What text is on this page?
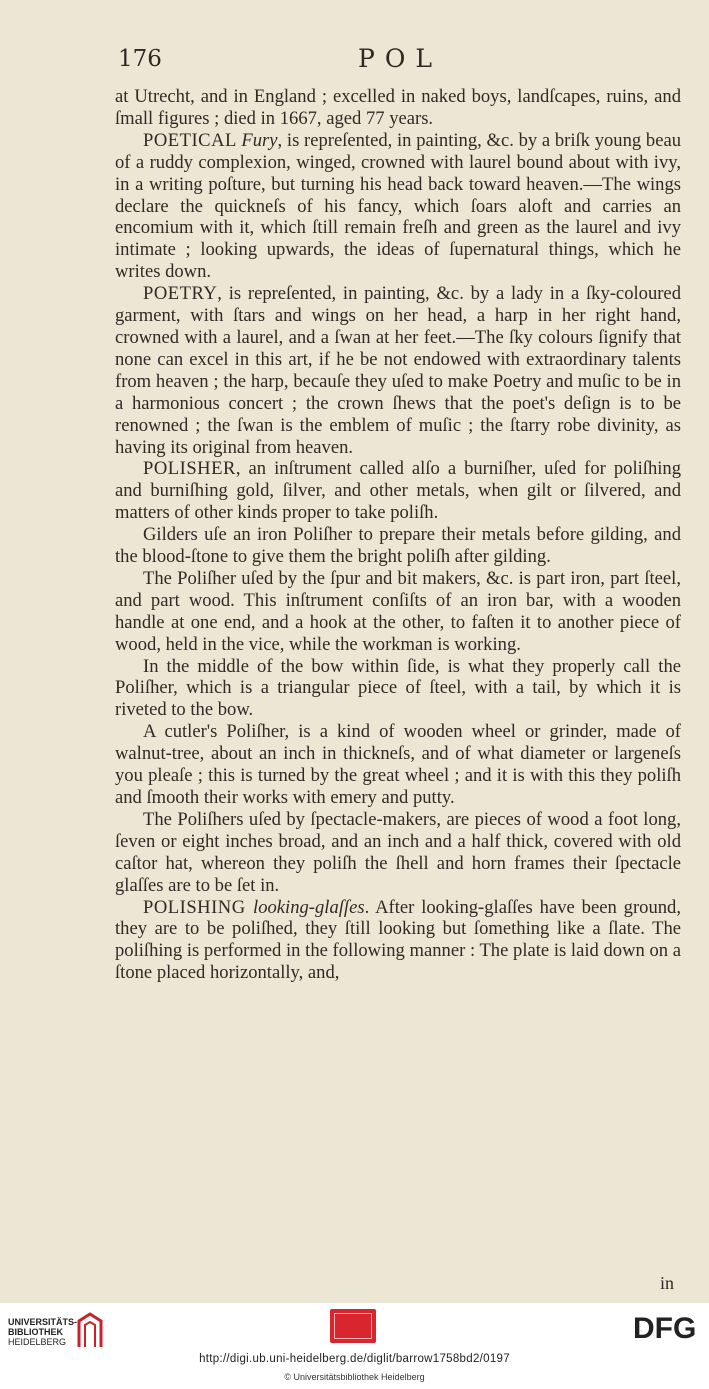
176	POL

at Utrecht, and in England ; excelled in naked boys, landſcapes, ruins, and ſmall figures ; died in 1667, aged 77 years.

POETICAL Fury, is repreſented, in painting, &c. by a briſk young beau of a ruddy complexion, winged, crowned with laurel bound about with ivy, in a writing poſture, but turning his head back toward heaven.—The wings declare the quickneſs of his fancy, which ſoars aloft and carries an encomium with it, which ſtill remain freſh and green as the laurel and ivy intimate ; looking upwards, the ideas of ſupernatural things, which he writes down.

POETRY, is repreſented, in painting, &c. by a lady in a ſky-coloured garment, with ſtars and wings on her head, a harp in her right hand, crowned with a laurel, and a ſwan at her feet.—The ſky colours ſignify that none can excel in this art, if he be not endowed with extraordinary talents from heaven ; the harp, becauſe they uſed to make Poetry and muſic to be in a harmonious concert ; the crown ſhews that the poet's deſign is to be renowned ; the ſwan is the emblem of muſic ; the ſtarry robe divinity, as having its original from heaven.

POLISHER, an inſtrument called alſo a burniſher, uſed for poliſhing and burniſhing gold, ſilver, and other metals, when gilt or ſilvered, and matters of other kinds proper to take poliſh.

Gilders uſe an iron Poliſher to prepare their metals before gilding, and the blood-ſtone to give them the bright poliſh after gilding.

The Poliſher uſed by the ſpur and bit makers, &c. is part iron, part ſteel, and part wood. This inſtrument conſiſts of an iron bar, with a wooden handle at one end, and a hook at the other, to faſten it to another piece of wood, held in the vice, while the workman is working.

In the middle of the bow within ſide, is what they properly call the Poliſher, which is a triangular piece of ſteel, with a tail, by which it is riveted to the bow.

A cutler's Poliſher, is a kind of wooden wheel or grinder, made of walnut-tree, about an inch in thickneſs, and of what diameter or largeneſs you pleaſe ; this is turned by the great wheel ; and it is with this they poliſh and ſmooth their works with emery and putty.

The Poliſhers uſed by ſpectacle-makers, are pieces of wood a foot long, ſeven or eight inches broad, and an inch and a half thick, covered with old caſtor hat, whereon they poliſh the ſhell and horn frames their ſpectacle glaſſes are to be ſet in.

POLISHING looking-glaſſes. After looking-glaſſes have been ground, they are to be poliſhed, they ſtill looking but ſomething like a ſlate. The poliſhing is performed in the following manner : The plate is laid down on a ſtone placed horizontally, and,

in
UNIVERSITÄTS-BIBLIOTHEK
HEIDELBERG	DFG
http://digi.ub.uni-heidelberg.de/diglit/barrow1758bd2/0197
© Universitätsbibliothek Heidelberg
